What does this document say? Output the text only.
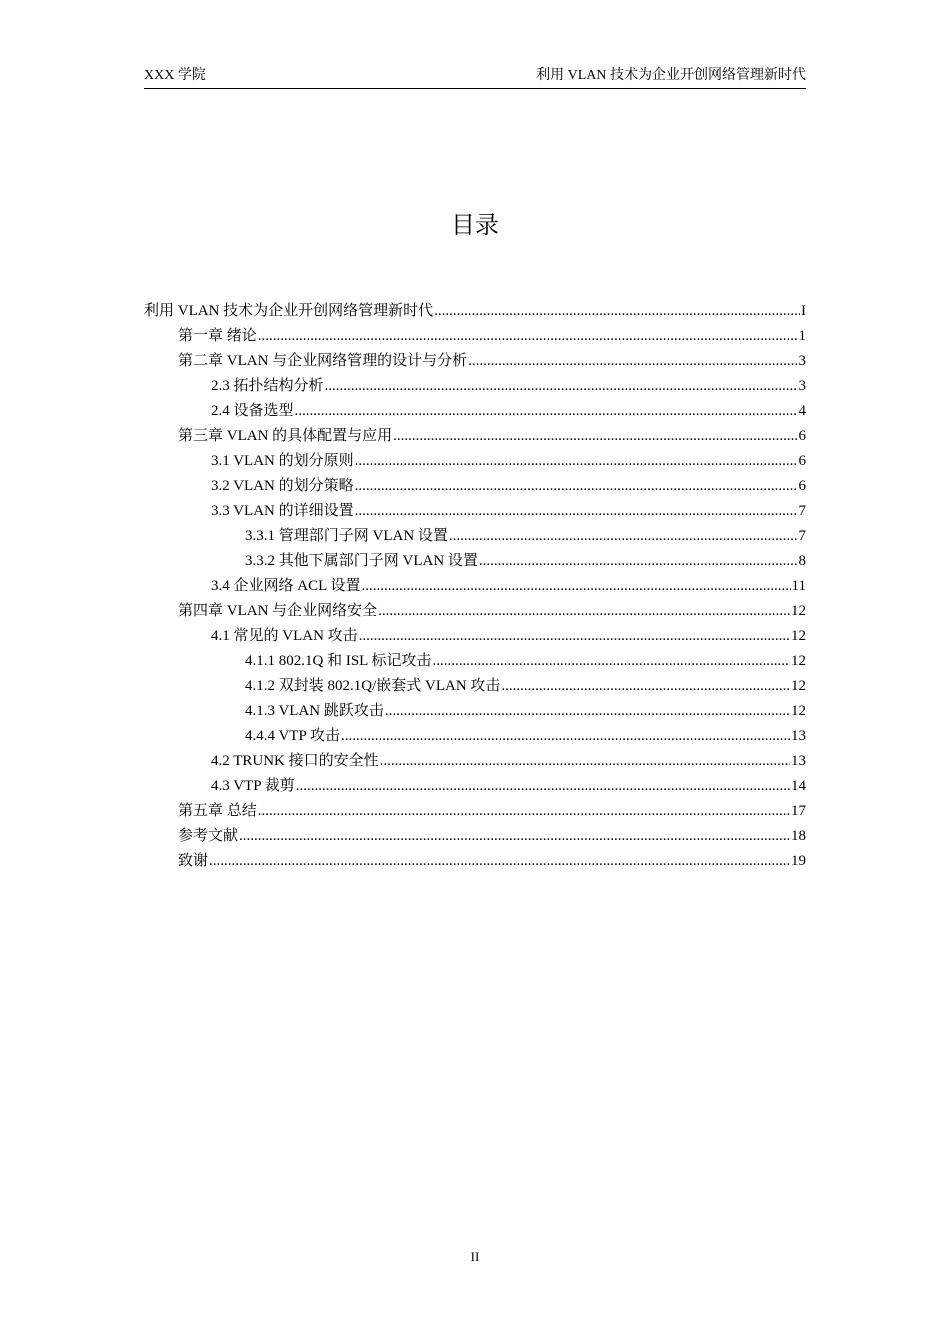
XXX 学院	利用 VLAN 技术为企业开创网络管理新时代
目录
利用 VLAN 技术为企业开创网络管理新时代 .....	I
第一章 绪论 .....	1
第二章 VLAN 与企业网络管理的设计与分析 .....	3
2.3 拓扑结构分析 .....	3
2.4 设备选型 .....	4
第三章 VLAN 的具体配置与应用 .....	6
3.1 VLAN 的划分原则 .....	6
3.2 VLAN 的划分策略 .....	6
3.3 VLAN 的详细设置 .....	7
3.3.1 管理部门子网 VLAN 设置 .....	7
3.3.2 其他下属部门子网 VLAN 设置 .....	8
3.4 企业网络 ACL 设置 .....	11
第四章 VLAN 与企业网络安全 .....	12
4.1 常见的 VLAN 攻击 .....	12
4.1.1 802.1Q 和 ISL 标记攻击 .....	12
4.1.2 双封装 802.1Q/嵌套式 VLAN 攻击 .....	12
4.1.3 VLAN 跳跃攻击 .....	12
4.4.4 VTP 攻击 .....	13
4.2 TRUNK 接口的安全性 .....	13
4.3 VTP 裁剪 .....	14
第五章 总结 .....	17
参考文献 .....	18
致谢 .....	19
II
